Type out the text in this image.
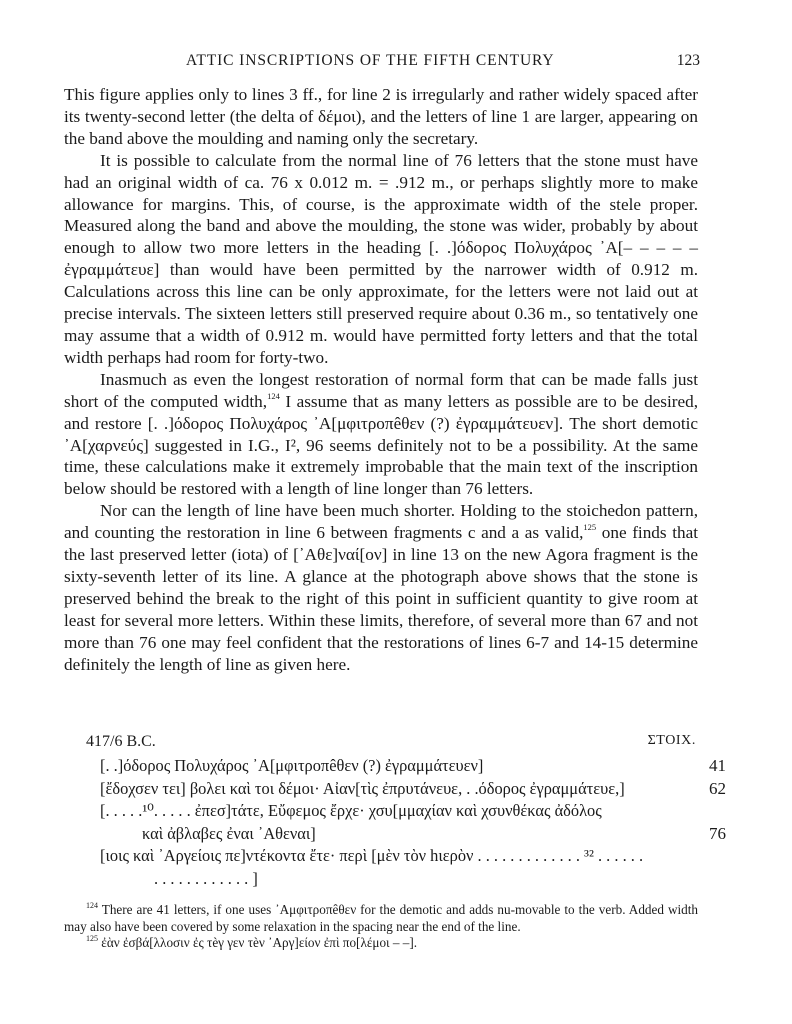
ATTIC INSCRIPTIONS OF THE FIFTH CENTURY	123

This figure applies only to lines 3 ff., for line 2 is irregularly and rather widely spaced after its twenty-second letter (the delta of δέμοι), and the letters of line 1 are larger, appearing on the band above the moulding and naming only the secretary.

It is possible to calculate from the normal line of 76 letters that the stone must have had an original width of ca. 76 x 0.012 m. = .912 m., or perhaps slightly more to make allowance for margins. This, of course, is the approximate width of the stele proper. Measured along the band and above the moulding, the stone was wider, probably by about enough to allow two more letters in the heading [. .]όδορος Πολυχάρος ᾽Α[– – – – – ἐγραμμάτευε] than would have been permitted by the narrower width of 0.912 m. Calculations across this line can be only approximate, for the letters were not laid out at precise intervals. The sixteen letters still preserved require about 0.36 m., so tentatively one may assume that a width of 0.912 m. would have permitted forty letters and that the total width perhaps had room for forty-two.

Inasmuch as even the longest restoration of normal form that can be made falls just short of the computed width,$^{124}$ I assume that as many letters as possible are to be desired, and restore [. .]όδορος Πολυχάρος ᾽Α[μφιτροπêθεν (?) ἐγραμμάτευεν]. The short demotic ᾽Α[χαρνεύς] suggested in I.G., I², 96 seems definitely not to be a possibility. At the same time, these calculations make it extremely improbable that the main text of the inscription below should be restored with a length of line longer than 76 letters.

Nor can the length of line have been much shorter. Holding to the stoichedon pattern, and counting the restoration in line 6 between fragments c and a as valid,$^{125}$ one finds that the last preserved letter (iota) of [᾽Αθε]ναί[ον] in line 13 on the new Agora fragment is the sixty-seventh letter of its line. A glance at the photograph above shows that the stone is preserved behind the break to the right of this point in sufficient quantity to give room at least for several more letters. Within these limits, therefore, of several more than 67 and not more than 76 one may feel confident that the restorations of lines 6-7 and 14-15 determine definitely the length of line as given here.

417/6 B.C.	ΣΤΟΙΧ.
[. .]όδορος Πολυχάρος ᾽Α[μφιτροπêθεν (?) ἐγραμμάτευεν]	41
[ἔδοχσεν τει] βολει καὶ τοι δέμοι· Αἰαν[τὶς ἐπρυτάνευε, . .όδορος ἐγραμμάτευε,]	62
[. . . . .¹⁰. . . . . ἐπεσ]τάτε, Εὔφεμος ἔρχε· χσυ[μμαχίαν καὶ χσυνθέκας ἀδόλος
καὶ ἀβλαβες ἐναι ᾽Αθεναι]	76
[ιοις καὶ ᾽Αργείοις πε]ντέκοντα ἔτε· περὶ [μὲν τὸν hιερὸν . . . . . . . . . . . . . ³² . . . . . .
. . . . . . . . . . . . ]

$^{124}$ There are 41 letters, if one uses ᾽Αμφιτροπêθεν for the demotic and adds nu-movable to the verb. Added width may also have been covered by some relaxation in the spacing near the end of the line.

$^{125}$ ἐὰν ἐσβά[λλοσιν ἐς τèγ γεν τèν ᾽Αργ]είον ἐπὶ πο[λέμοι – –].
